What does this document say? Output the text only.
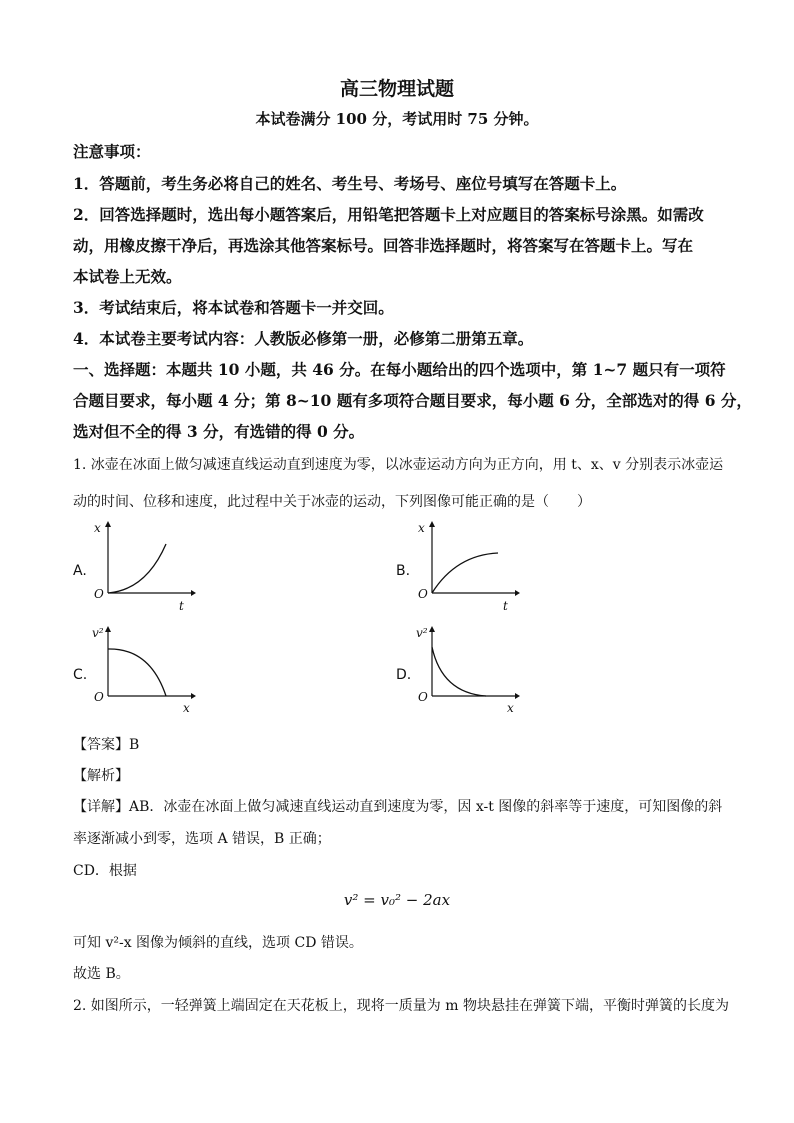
高三物理试题
本试卷满分 100 分，考试用时 75 分钟。
注意事项：
1．答题前，考生务必将自己的姓名、考生号、考场号、座位号填写在答题卡上。
2．回答选择题时，选出每小题答案后，用铅笔把答题卡上对应题目的答案标号涂黑。如需改
动，用橡皮擦干净后，再选涂其他答案标号。回答非选择题时，将答案写在答题卡上。写在
本试卷上无效。
3．考试结束后，将本试卷和答题卡一并交回。
4．本试卷主要考试内容：人教版必修第一册，必修第二册第五章。
一、选择题：本题共 10 小题，共 46 分。在每小题给出的四个选项中，第 1~7 题只有一项符
合题目要求，每小题 4 分；第 8~10 题有多项符合题目要求，每小题 6 分，全部选对的得 6 分，
选对但不全的得 3 分，有选错的得 0 分。
1. 冰壶在冰面上做匀减速直线运动直到速度为零，以冰壶运动方向为正方向，用 t、x、v 分别表示冰壶运
动的时间、位移和速度，此过程中关于冰壶的运动，下列图像可能正确的是（　　）
A.
x
t
O
B.
x
t
O
C.
v²
x
O
D.
v²
x
O
【答案】B
【解析】
【详解】AB．冰壶在冰面上做匀减速直线运动直到速度为零，因 x-t 图像的斜率等于速度，可知图像的斜
率逐渐减小到零，选项 A 错误，B 正确；
CD．根据
v² = v₀² − 2ax
可知 v²-x 图像为倾斜的直线，选项 CD 错误。
故选 B。
2. 如图所示，一轻弹簧上端固定在天花板上，现将一质量为 m 物块悬挂在弹簧下端，平衡时弹簧的长度为
